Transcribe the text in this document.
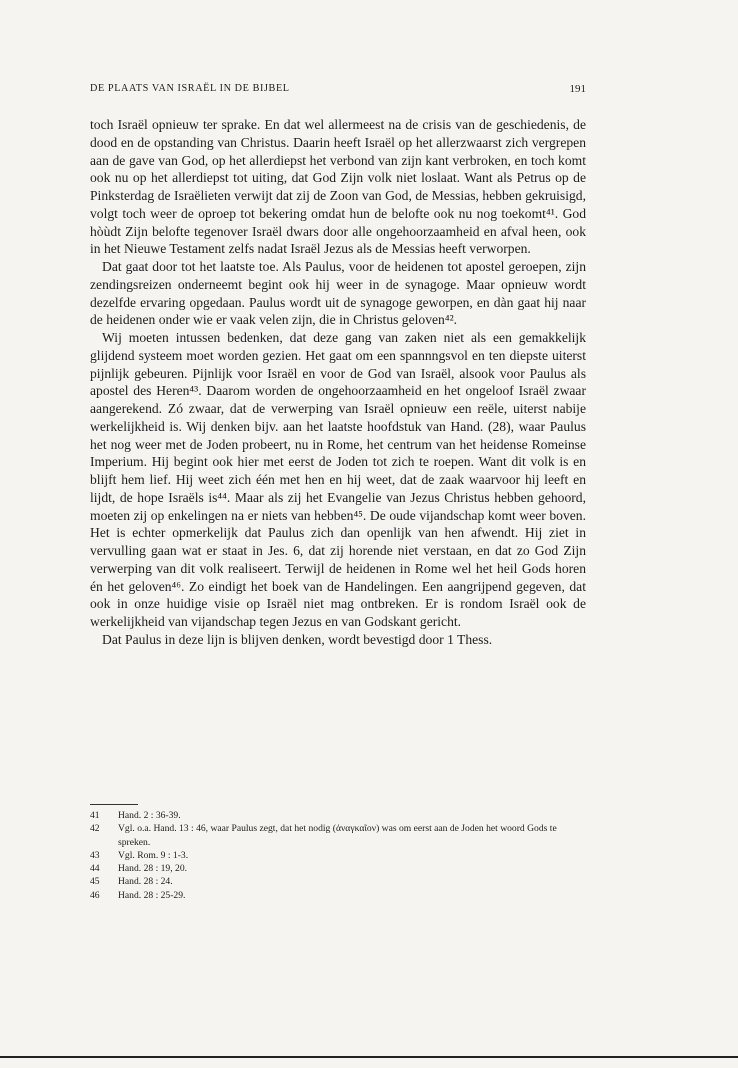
DE PLAATS VAN ISRAËL IN DE BIJBEL	191

toch Israël opnieuw ter sprake. En dat wel allermeest na de crisis van de geschiedenis, de dood en de opstanding van Christus. Daarin heeft Israël op het allerzwaarst zich vergrepen aan de gave van God, op het allerdiepst het verbond van zijn kant verbroken, en toch komt ook nu op het allerdiepst tot uiting, dat God Zijn volk niet loslaat. Want als Petrus op de Pinksterdag de Israëlieten verwijt dat zij de Zoon van God, de Messias, hebben gekruisigd, volgt toch weer de oproep tot bekering omdat hun de belofte ook nu nog toekomt⁴¹. God hòùdt Zijn belofte tegenover Israël dwars door alle ongehoorzaamheid en afval heen, ook in het Nieuwe Testament zelfs nadat Israël Jezus als de Messias heeft verworpen.

Dat gaat door tot het laatste toe. Als Paulus, voor de heidenen tot apostel geroepen, zijn zendingsreizen onderneemt begint ook hij weer in de synagoge. Maar opnieuw wordt dezelfde ervaring opgedaan. Paulus wordt uit de synagoge geworpen, en dàn gaat hij naar de heidenen onder wie er vaak velen zijn, die in Christus geloven⁴².

Wij moeten intussen bedenken, dat deze gang van zaken niet als een gemakkelijk glijdend systeem moet worden gezien. Het gaat om een spannngsvol en ten diepste uiterst pijnlijk gebeuren. Pijnlijk voor Israël en voor de God van Israël, alsook voor Paulus als apostel des Heren⁴³. Daarom worden de ongehoorzaamheid en het ongeloof Israël zwaar aangerekend. Zó zwaar, dat de verwerping van Israël opnieuw een reële, uiterst nabije werkelijkheid is. Wij denken bijv. aan het laatste hoofdstuk van Hand. (28), waar Paulus het nog weer met de Joden probeert, nu in Rome, het centrum van het heidense Romeinse Imperium. Hij begint ook hier met eerst de Joden tot zich te roepen. Want dit volk is en blijft hem lief. Hij weet zich één met hen en hij weet, dat de zaak waarvoor hij leeft en lijdt, de hope Israëls is⁴⁴. Maar als zij het Evangelie van Jezus Christus hebben gehoord, moeten zij op enkelingen na er niets van hebben⁴⁵. De oude vijandschap komt weer boven. Het is echter opmerkelijk dat Paulus zich dan openlijk van hen afwendt. Hij ziet in vervulling gaan wat er staat in Jes. 6, dat zij horende niet verstaan, en dat zo God Zijn verwerping van dit volk realiseert. Terwijl de heidenen in Rome wel het heil Gods horen én het geloven⁴⁶. Zo eindigt het boek van de Handelingen. Een aangrijpend gegeven, dat ook in onze huidige visie op Israël niet mag ontbreken. Er is rondom Israël ook de werkelijkheid van vijandschap tegen Jezus en van Godskant gericht.

Dat Paulus in deze lijn is blijven denken, wordt bevestigd door 1 Thess.

41	Hand. 2 : 36-39.
42	Vgl. o.a. Hand. 13 : 46, waar Paulus zegt, dat het nodig (ἀναγκαῖον) was om eerst aan de Joden het woord Gods te spreken.
43	Vgl. Rom. 9 : 1-3.
44	Hand. 28 : 19, 20.
45	Hand. 28 : 24.
46	Hand. 28 : 25-29.
